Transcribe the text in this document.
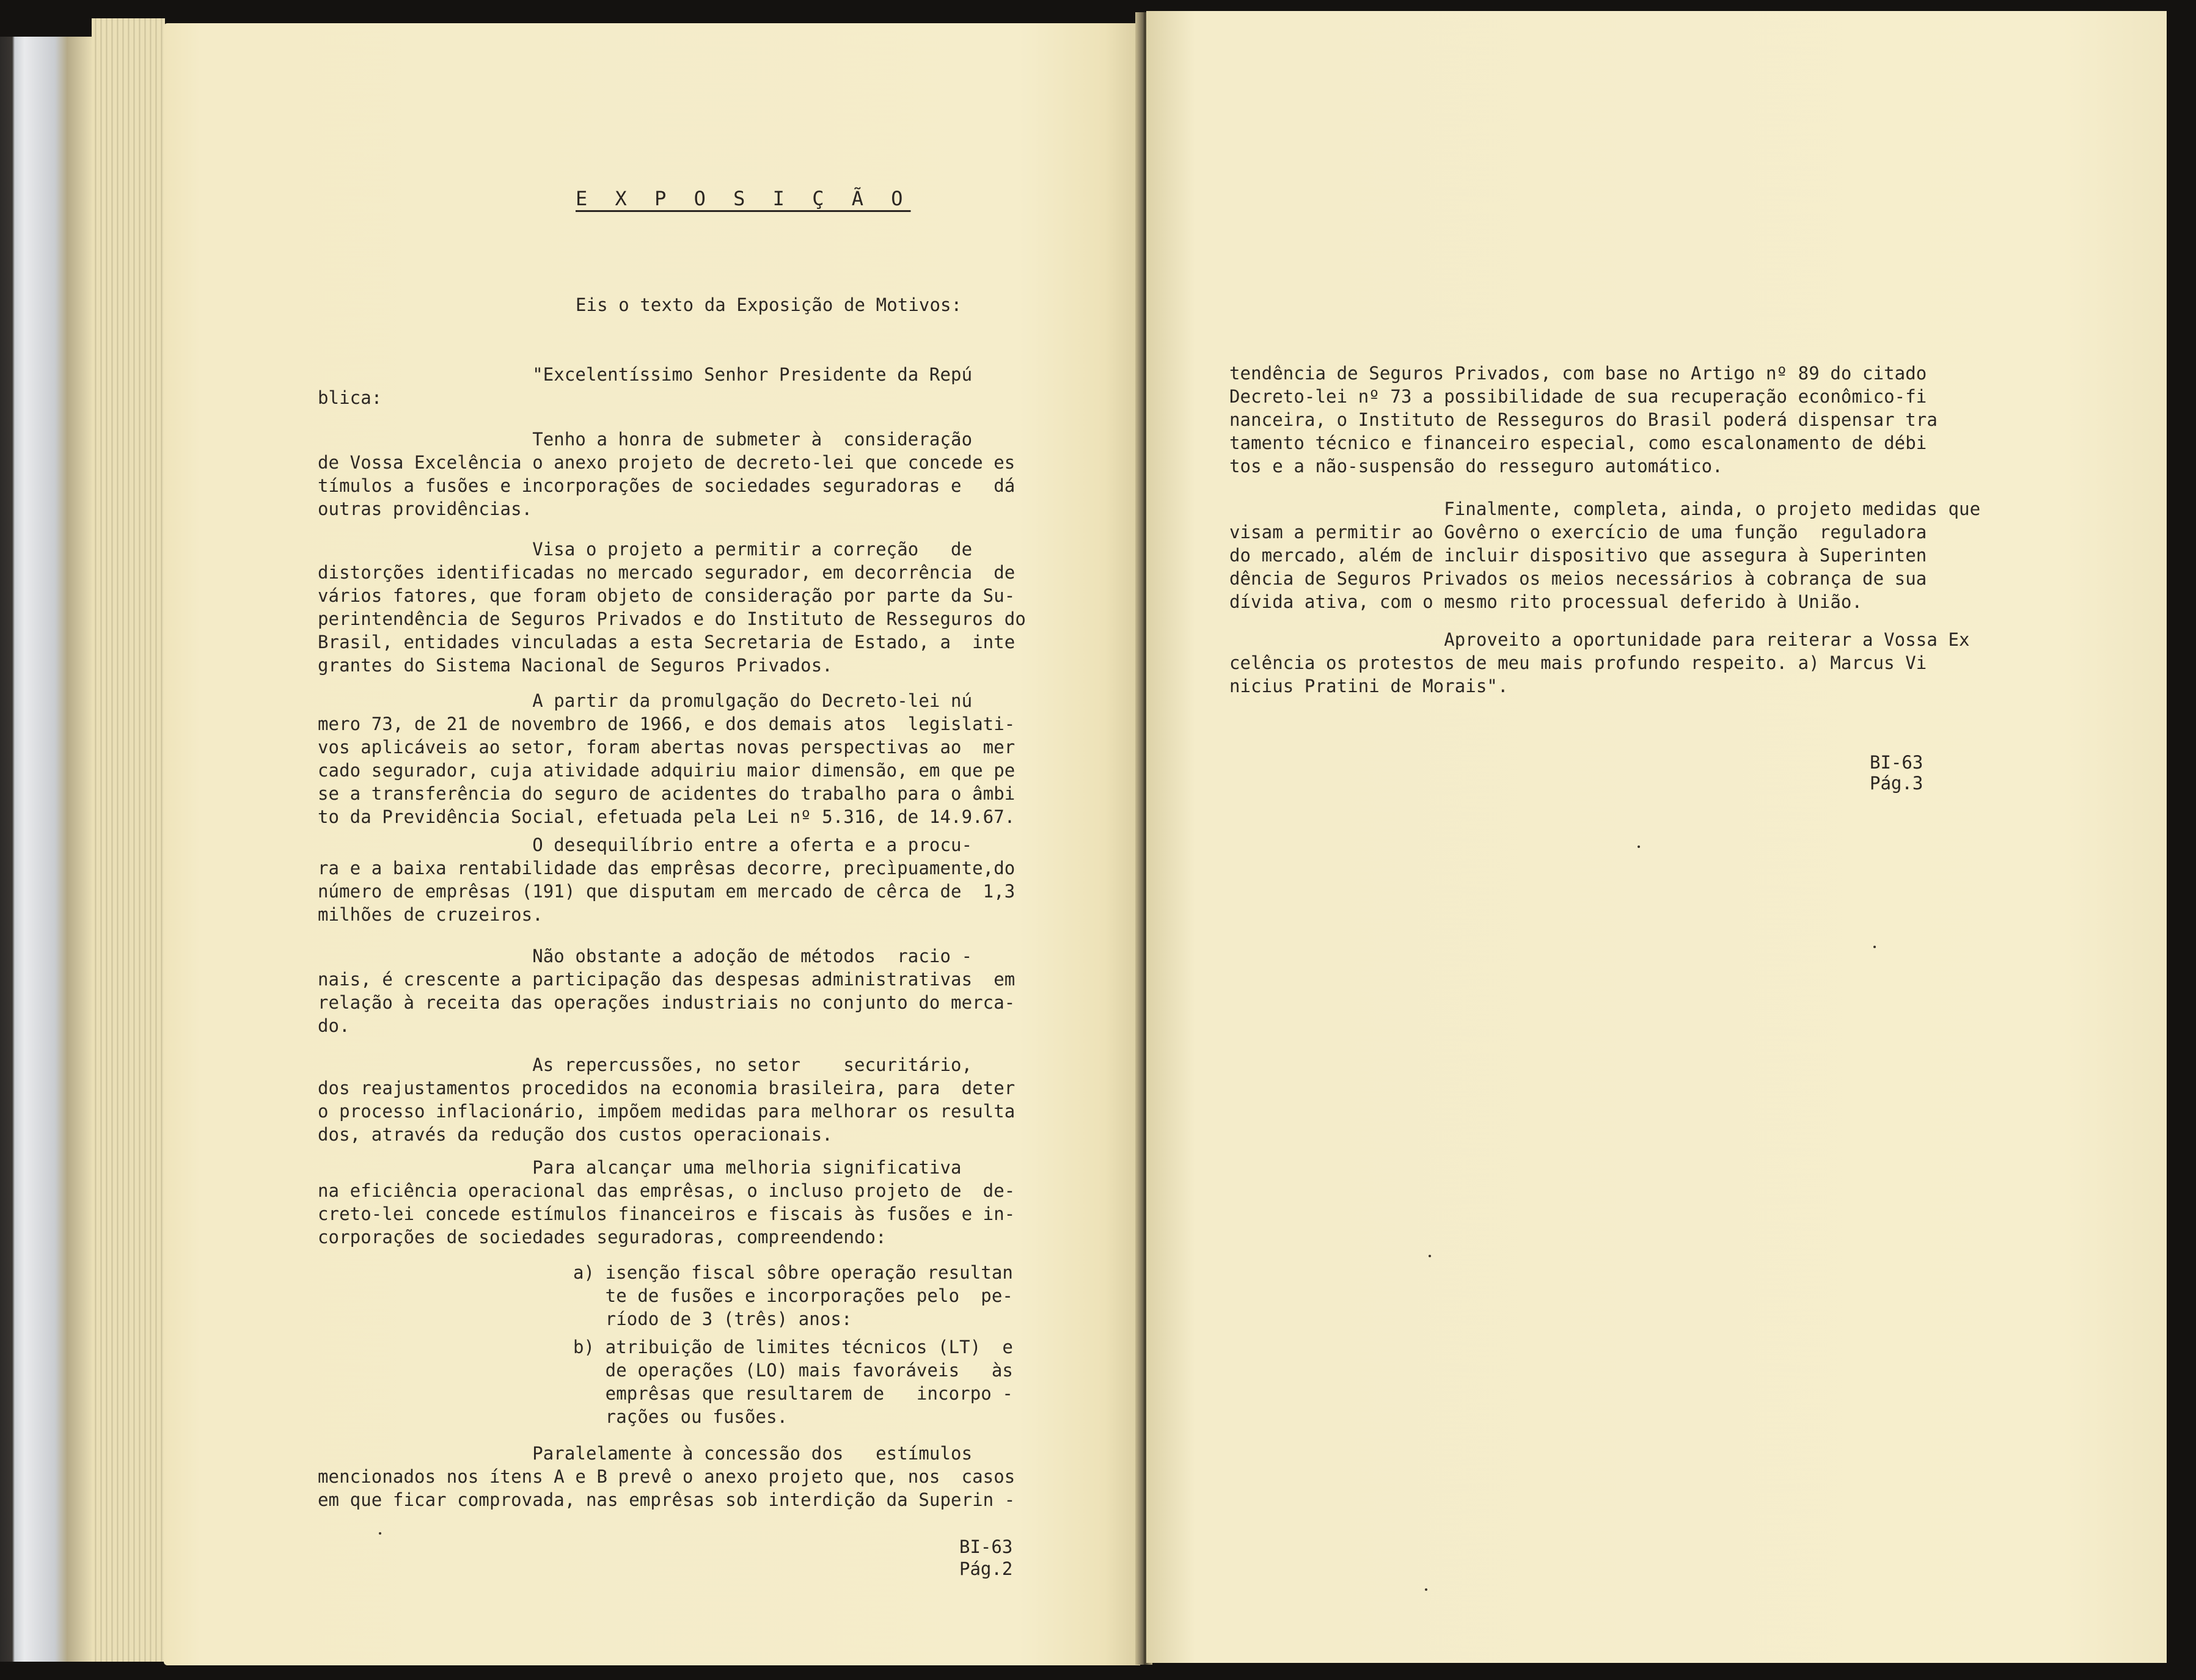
E X P O S I Ç Ã O
Eis o texto da Exposição de Motivos:
"Excelentíssimo Senhor Presidente da Repú
blica:
Tenho a honra de submeter à  consideração
de Vossa Excelência o anexo projeto de decreto-lei que concede es
tímulos a fusões e incorporações de sociedades seguradoras e   dá
outras providências.
Visa o projeto a permitir a correção   de
distorções identificadas no mercado segurador, em decorrência  de
vários fatores, que foram objeto de consideração por parte da Su-
perintendência de Seguros Privados e do Instituto de Resseguros do
Brasil, entidades vinculadas a esta Secretaria de Estado, a  inte
grantes do Sistema Nacional de Seguros Privados.
A partir da promulgação do Decreto-lei nú
mero 73, de 21 de novembro de 1966, e dos demais atos  legislati-
vos aplicáveis ao setor, foram abertas novas perspectivas ao  mer
cado segurador, cuja atividade adquiriu maior dimensão, em que pe
se a transferência do seguro de acidentes do trabalho para o âmbi
to da Previdência Social, efetuada pela Lei nº 5.316, de 14.9.67.
O desequilíbrio entre a oferta e a procu-
ra e a baixa rentabilidade das emprêsas decorre, precìpuamente,do
número de emprêsas (191) que disputam em mercado de cêrca de  1,3
milhões de cruzeiros.
Não obstante a adoção de métodos  racio -
nais, é crescente a participação das despesas administrativas  em
relação à receita das operações industriais no conjunto do merca-
do.
As repercussões, no setor    securitário,
dos reajustamentos procedidos na economia brasileira, para  deter
o processo inflacionário, impõem medidas para melhorar os resulta
dos, através da redução dos custos operacionais.
Para alcançar uma melhoria significativa
na eficiência operacional das emprêsas, o incluso projeto de  de-
creto-lei concede estímulos financeiros e fiscais às fusões e in-
corporações de sociedades seguradoras, compreendendo:
a) isenção fiscal sôbre operação resultan
te de fusões e incorporações pelo  pe-
ríodo de 3 (três) anos:
b) atribuição de limites técnicos (LT)  e
de operações (LO) mais favoráveis   às
emprêsas que resultarem de   incorpo -
rações ou fusões.
Paralelamente à concessão dos   estímulos
mencionados nos ítens A e B prevê o anexo projeto que, nos  casos
em que ficar comprovada, nas emprêsas sob interdição da Superin -
BI-63
Pág.2
tendência de Seguros Privados, com base no Artigo nº 89 do citado
Decreto-lei nº 73 a possibilidade de sua recuperação econômico-fi
nanceira, o Instituto de Resseguros do Brasil poderá dispensar tra
tamento técnico e financeiro especial, como escalonamento de débi
tos e a não-suspensão do resseguro automático.
Finalmente, completa, ainda, o projeto medidas que
visam a permitir ao Govêrno o exercício de uma função  reguladora
do mercado, além de incluir dispositivo que assegura à Superinten
dência de Seguros Privados os meios necessários à cobrança de sua
dívida ativa, com o mesmo rito processual deferido à União.
Aproveito a oportunidade para reiterar a Vossa Ex
celência os protestos de meu mais profundo respeito. a) Marcus Vi
nicius Pratini de Morais".
BI-63
Pág.3
